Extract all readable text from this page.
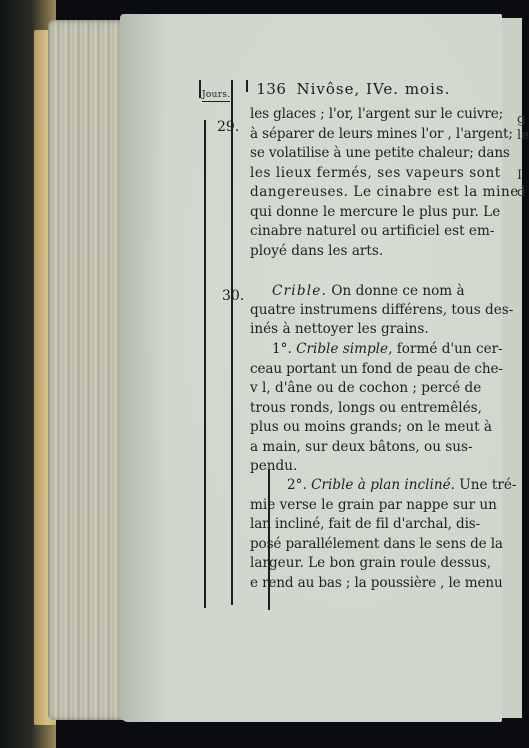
g
le
I
d
136 Nivôse, IVe. mois.
Jours.
29.
30.
les glaces ; l'or, l'argent sur le cuivre;
à séparer de leurs mines l'or , l'argent;
se volatilise à une petite chaleur; dans
les lieux fermés, ses vapeurs sont
dangereuses. Le cinabre est la mine
qui donne le mercure le plus pur. Le
cinabre naturel ou artificiel est em-
ployé dans les arts.
Crible. On donne ce nom à
quatre instrumens différens, tous des-
inés à nettoyer les grains.
1°. Crible simple, formé d'un cer-
ceau portant un fond de peau de che-
v l, d'âne ou de cochon ; percé de
trous ronds, longs ou entremêlés,
plus ou moins grands; on le meut à
a main, sur deux bâtons, ou sus-
pendu.
2°. Crible à plan incliné. Une tré-
mie verse le grain par nappe sur un
lan incliné, fait de fil d'archal, dis-
posé parallélement dans le sens de la
largeur. Le bon grain roule dessus,
e rend au bas ; la poussière , le menu
